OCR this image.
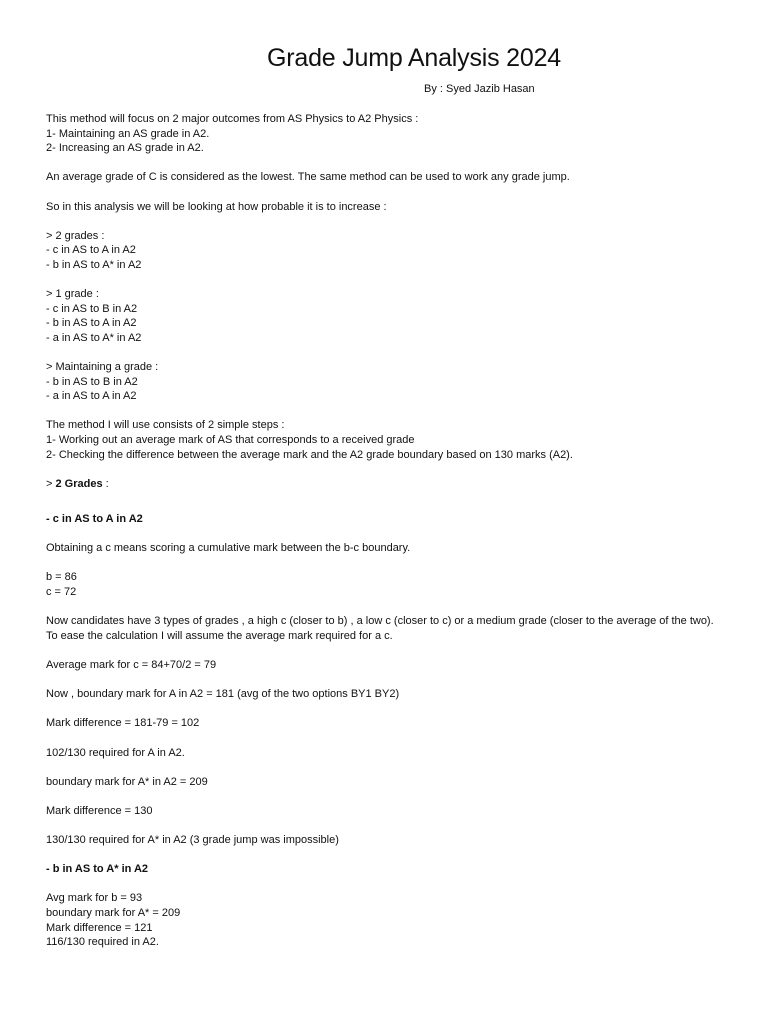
Grade Jump Analysis 2024
By : Syed Jazib Hasan

This method will focus on 2 major outcomes from AS Physics to A2 Physics :

1- Maintaining an AS grade in A2.

2- Increasing an AS grade in A2.

An average grade of C is considered as the lowest. The same method can be used to work any grade jump.

So in this analysis we will be looking at how probable it is to increase :

> 2 grades :

- c in AS to A in A2

- b in AS to A* in A2

> 1 grade :

- c in AS to B in A2

- b in AS to A in A2

- a in AS to A* in A2

> Maintaining a grade :

- b in AS to B in A2

- a in AS to A in A2

The method I will use consists of 2 simple steps :

1- Working out an average mark of AS that corresponds to a received grade

2- Checking the difference between the average mark and the A2 grade boundary based on 130 marks (A2).

> 2 Grades :

- c in AS to A in A2

Obtaining a c means scoring a cumulative mark between the b-c boundary.

b = 86

c = 72

Now candidates have 3 types of grades , a high c (closer to b) , a low c (closer to c) or a medium grade (closer to the average of the two). To ease the calculation I will assume the average mark required for a c.

Average mark for c = 84+70/2 = 79

Now , boundary mark for A in A2 = 181 (avg of the two options BY1 BY2)

Mark difference = 181-79 = 102

102/130 required for A in A2.

boundary mark for A* in A2 = 209

Mark difference = 130

130/130 required for A* in A2 (3 grade jump was impossible)

- b in AS to A* in A2

Avg mark for b = 93

boundary mark for A* = 209

Mark difference = 121

116/130 required in A2.
